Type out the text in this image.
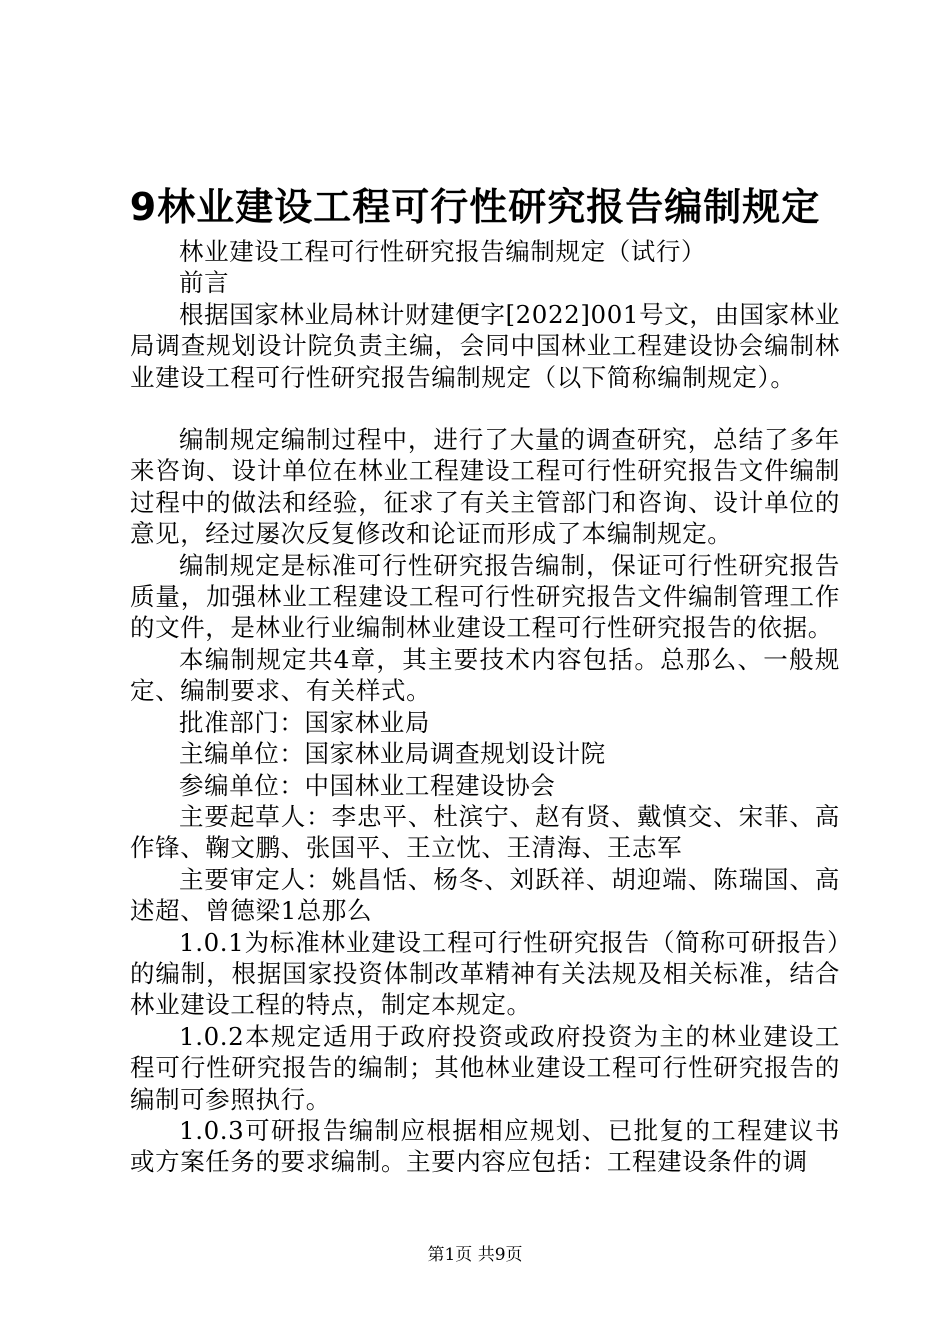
9林业建设工程可行性研究报告编制规定

林业建设工程可行性研究报告编制规定（试行）

前言

根据国家林业局林计财建便字[2022]001号文，由国家林业局调查规划设计院负责主编，会同中国林业工程建设协会编制林业建设工程可行性研究报告编制规定（以下简称编制规定）。

编制规定编制过程中，进行了大量的调查研究，总结了多年来咨询、设计单位在林业工程建设工程可行性研究报告文件编制过程中的做法和经验，征求了有关主管部门和咨询、设计单位的意见，经过屡次反复修改和论证而形成了本编制规定。

编制规定是标准可行性研究报告编制，保证可行性研究报告质量，加强林业工程建设工程可行性研究报告文件编制管理工作的文件，是林业行业编制林业建设工程可行性研究报告的依据。

本编制规定共4章，其主要技术内容包括。总那么、一般规定、编制要求、有关样式。

批准部门：国家林业局

主编单位：国家林业局调查规划设计院

参编单位：中国林业工程建设协会

主要起草人：李忠平、杜滨宁、赵有贤、戴慎交、宋菲、高作锋、鞠文鹏、张国平、王立忱、王清海、王志军

主要审定人：姚昌恬、杨冬、刘跃祥、胡迎端、陈瑞国、高述超、曾德梁1总那么

1.0.1为标准林业建设工程可行性研究报告（简称可研报告）的编制，根据国家投资体制改革精神有关法规及相关标准，结合林业建设工程的特点，制定本规定。

1.0.2本规定适用于政府投资或政府投资为主的林业建设工程可行性研究报告的编制；其他林业建设工程可行性研究报告的编制可参照执行。

1.0.3可研报告编制应根据相应规划、已批复的工程建议书或方案任务的要求编制。主要内容应包括：工程建设条件的调

第1页 共9页
